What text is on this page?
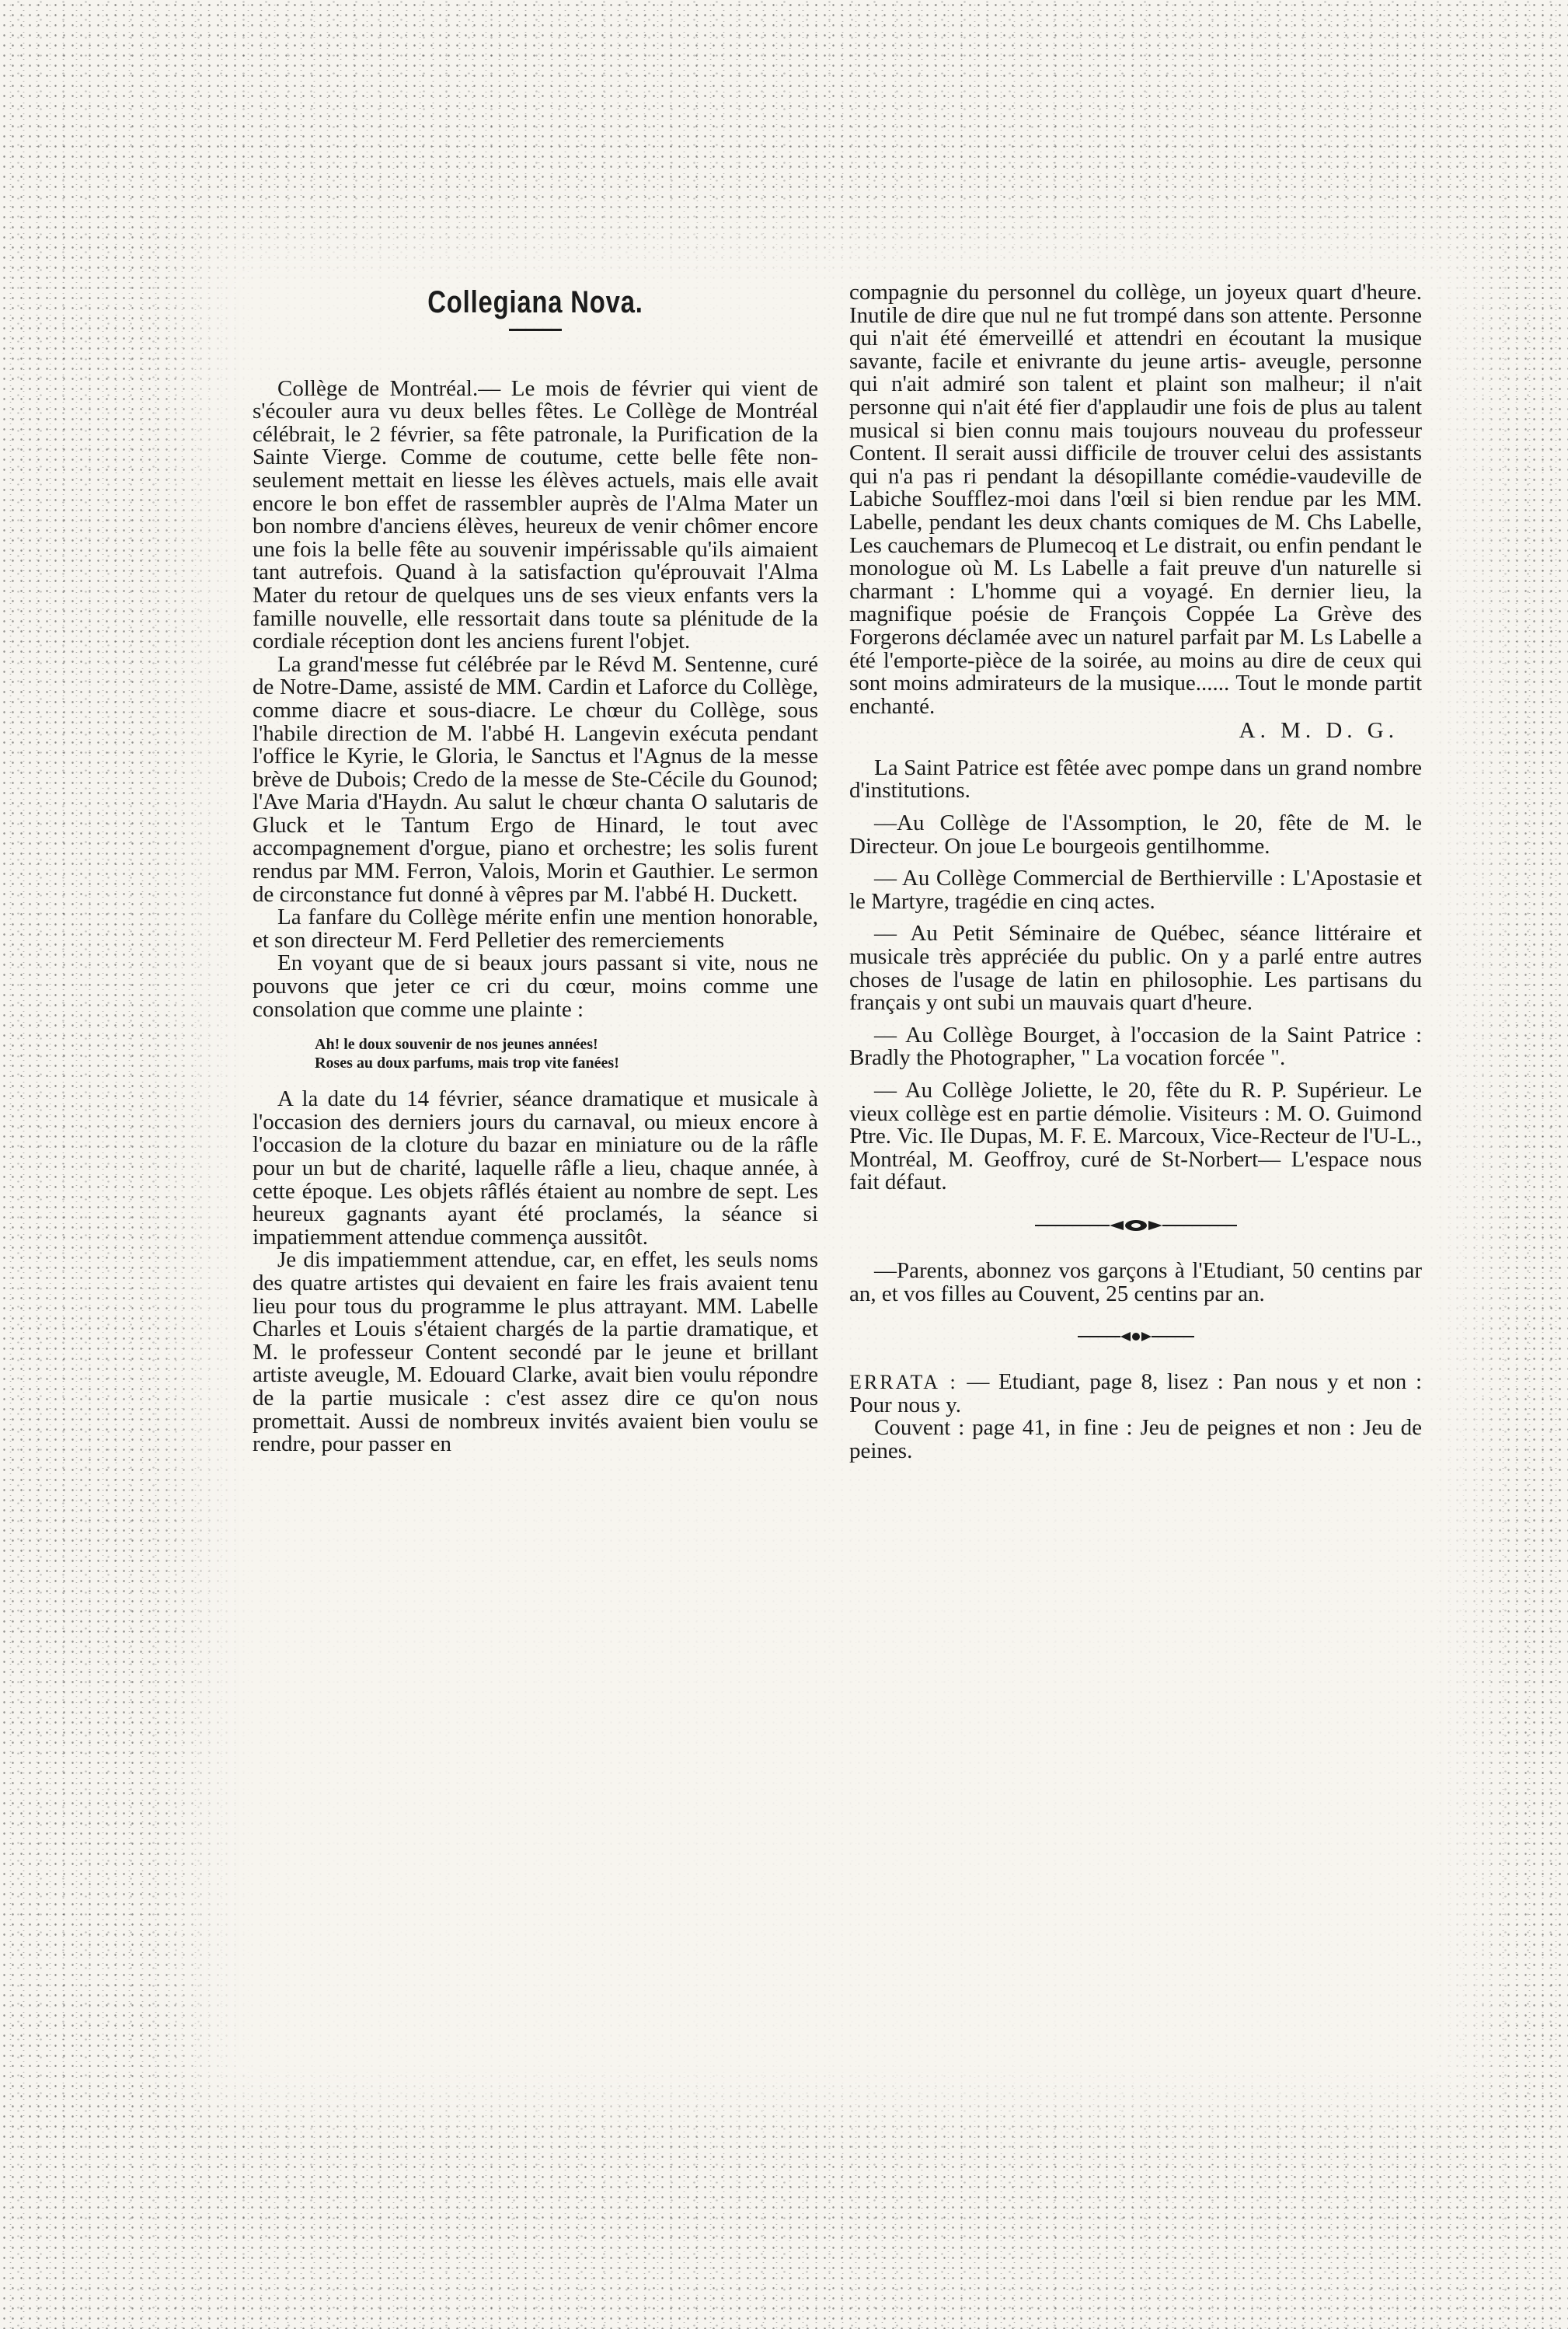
Collegiana Nova.

Collège de Montréal.— Le mois de février qui vient de s'écouler aura vu deux belles fêtes. Le Collège de Montréal célébrait, le 2 février, sa fête patronale, la Purification de la Sainte Vierge. Comme de coutume, cette belle fête non-seulement mettait en liesse les élèves actuels, mais elle avait encore le bon effet de rassembler auprès de l'Alma Mater un bon nombre d'anciens élèves, heureux de venir chômer encore une fois la belle fête au souvenir impérissable qu'ils aimaient tant autrefois. Quand à la satisfaction qu'éprouvait l'Alma Mater du retour de quelques uns de ses vieux enfants vers la famille nouvelle, elle ressortait dans toute sa plénitude de la cordiale réception dont les anciens furent l'objet.

La grand'messe fut célébrée par le Révd M. Sentenne, curé de Notre-Dame, assisté de MM. Cardin et Laforce du Collège, comme diacre et sous-diacre. Le chœur du Collège, sous l'habile direction de M. l'abbé H. Langevin exécuta pendant l'office le Kyrie, le Gloria, le Sanctus et l'Agnus de la messe brève de Dubois; Credo de la messe de Ste-Cécile du Gounod; l'Ave Maria d'Haydn. Au salut le chœur chanta O salutaris de Gluck et le Tantum Ergo de Hinard, le tout avec accompagnement d'orgue, piano et orchestre; les solis furent rendus par MM. Ferron, Valois, Morin et Gauthier. Le sermon de circonstance fut donné à vêpres par M. l'abbé H. Duckett.

La fanfare du Collège mérite enfin une mention honorable, et son directeur M. Ferd Pelletier des remerciements

En voyant que de si beaux jours passant si vite, nous ne pouvons que jeter ce cri du cœur, moins comme une consolation que comme une plainte :

Ah! le doux souvenir de nos jeunes années!
Roses au doux parfums, mais trop vite fanées!

A la date du 14 février, séance dramatique et musicale à l'occasion des derniers jours du carnaval, ou mieux encore à l'occasion de la cloture du bazar en miniature ou de la râfle pour un but de charité, laquelle râfle a lieu, chaque année, à cette époque. Les objets râflés étaient au nombre de sept. Les heureux gagnants ayant été proclamés, la séance si impatiemment attendue commença aussitôt.

Je dis impatiemment attendue, car, en effet, les seuls noms des quatre artistes qui devaient en faire les frais avaient tenu lieu pour tous du programme le plus attrayant. MM. Labelle Charles et Louis s'étaient chargés de la partie dramatique, et M. le professeur Content secondé par le jeune et brillant artiste aveugle, M. Edouard Clarke, avait bien voulu répondre de la partie musicale : c'est assez dire ce qu'on nous promettait. Aussi de nombreux invités avaient bien voulu se rendre, pour passer en

compagnie du personnel du collège, un joyeux quart d'heure. Inutile de dire que nul ne fut trompé dans son attente. Personne qui n'ait été émerveillé et attendri en écoutant la musique savante, facile et enivrante du jeune artis- aveugle, personne qui n'ait admiré son talent et plaint son malheur; il n'ait personne qui n'ait été fier d'applaudir une fois de plus au talent musical si bien connu mais toujours nouveau du professeur Content. Il serait aussi difficile de trouver celui des assistants qui n'a pas ri pendant la désopillante comédie-vaudeville de Labiche Soufflez-moi dans l'œil si bien rendue par les MM. Labelle, pendant les deux chants comiques de M. Chs Labelle, Les cauchemars de Plumecoq et Le distrait, ou enfin pendant le monologue où M. Ls Labelle a fait preuve d'un naturelle si charmant : L'homme qui a voyagé. En dernier lieu, la magnifique poésie de François Coppée La Grève des Forgerons déclamée avec un naturel parfait par M. Ls Labelle a été l'emporte-pièce de la soirée, au moins au dire de ceux qui sont moins admirateurs de la musique...... Tout le monde partit enchanté.

A. M. D. G.

La Saint Patrice est fêtée avec pompe dans un grand nombre d'institutions.

—Au Collège de l'Assomption, le 20, fête de M. le Directeur. On joue Le bourgeois gentilhomme.

— Au Collège Commercial de Berthierville : L'Apostasie et le Martyre, tragédie en cinq actes.

— Au Petit Séminaire de Québec, séance littéraire et musicale très appréciée du public. On y a parlé entre autres choses de l'usage de latin en philosophie. Les partisans du français y ont subi un mauvais quart d'heure.

— Au Collège Bourget, à l'occasion de la Saint Patrice : Bradly the Photographer, " La vocation forcée ".

— Au Collège Joliette, le 20, fête du R. P. Supérieur. Le vieux collège est en partie démolie. Visiteurs : M. O. Guimond Ptre. Vic. Ile Dupas, M. F. E. Marcoux, Vice-Recteur de l'U-L., Montréal, M. Geoffroy, curé de St-Norbert— L'espace nous fait défaut.

—Parents, abonnez vos garçons à l'Etudiant, 50 centins par an, et vos filles au Couvent, 25 centins par an.

ERRATA : — Etudiant, page 8, lisez : Pan nous y et non : Pour nous y.

Couvent : page 41, in fine : Jeu de peignes et non : Jeu de peines.
